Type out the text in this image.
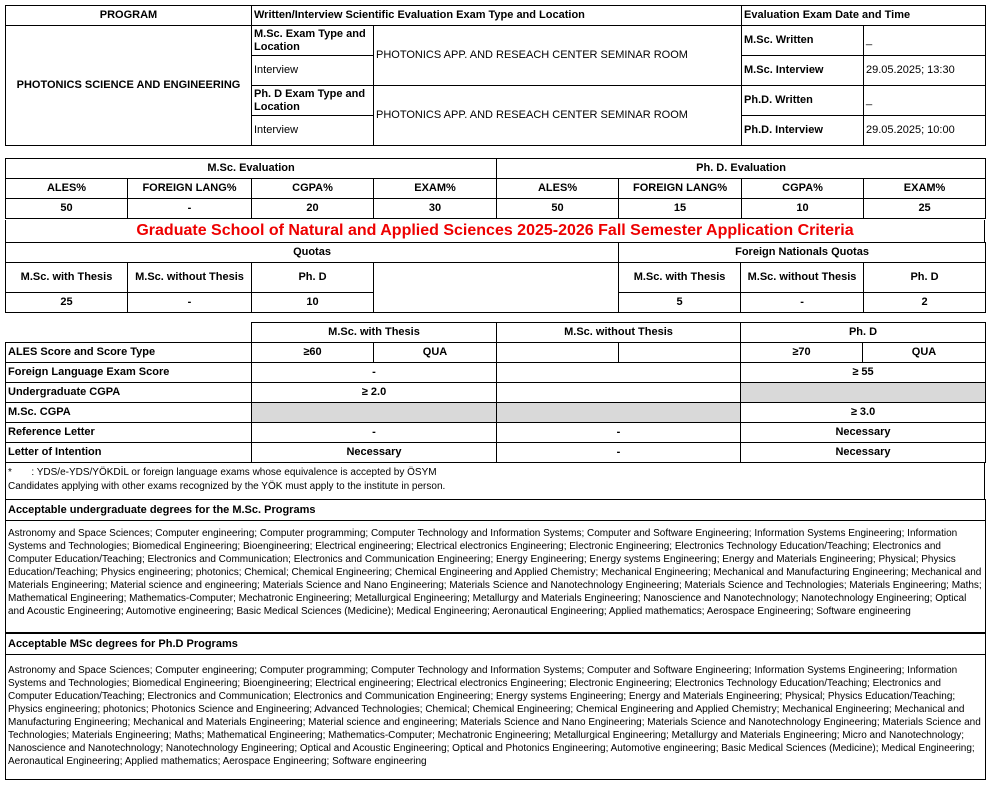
PROGRAM	Written/Interview Scientific Evaluation Exam Type and Location		Evaluation Exam Date and Time	
PHOTONICS SCIENCE AND ENGINEERING	M.Sc. Exam Type and Location	PHOTONICS APP. AND RESEACH CENTER SEMINAR ROOM	M.Sc. Written	_
	Interview		M.Sc. Interview	29.05.2025; 13:30
	Ph. D Exam Type and Location	PHOTONICS APP. AND RESEACH CENTER SEMINAR ROOM	Ph.D. Written	_
	Interview		Ph.D. Interview	29.05.2025; 10:00
M.Sc. Evaluation				Ph. D. Evaluation			
ALES%	FOREIGN LANG%	CGPA%	EXAM%	ALES%	FOREIGN LANG%	CGPA%	EXAM%
50	-	20	30	50	15	10	25
Graduate School of Natural and Applied Sciences 2025-2026 Fall Semester Application Criteria
Quotas				Foreign Nationals Quotas		
M.Sc. with Thesis	M.Sc. without Thesis	Ph. D		M.Sc. with Thesis	M.Sc. without Thesis	Ph. D
25	-	10		5	-	2
	M.Sc. with Thesis		M.Sc. without Thesis		Ph. D	
ALES Score and Score Type	≥60	QUA			≥70	QUA
Foreign Language Exam Score	-				≥ 55	
Undergraduate CGPA	≥ 2.0					
M.Sc. CGPA					≥ 3.0	
Reference Letter	-		-		Necessary	
Letter of Intention	Necessary		-		Necessary	
* : YDS/e-YDS/YÖKDİL or foreign language exams whose equivalence is accepted by ÖSYM
Candidates applying with other exams recognized by the YÖK must apply to the institute in person.
Acceptable undergraduate degrees for the M.Sc. Programs
Astronomy and Space Sciences; Computer engineering; Computer programming; Computer Technology and Information Systems; Computer and Software Engineering; Information Systems Engineering; Information Systems and Technologies; Biomedical Engineering; Bioengineering; Electrical engineering; Electrical electronics Engineering; Electronic Engineering; Electronics Technology Education/Teaching; Electronics and Computer Education/Teaching; Electronics and Communication; Electronics and Communication Engineering; Energy Engineering; Energy systems Engineering; Energy and Materials Engineering; Physical; Physics Education/Teaching; Physics engineering; photonics; Chemical; Chemical Engineering; Chemical Engineering and Applied Chemistry; Mechanical Engineering; Mechanical and Manufacturing Engineering; Mechanical and Materials Engineering; Material science and engineering; Materials Science and Nano Engineering; Materials Science and Nanotechnology Engineering; Materials Science and Technologies; Materials Engineering; Maths; Mathematical Engineering; Mathematics-Computer; Mechatronic Engineering; Metallurgical Engineering; Metallurgy and Materials Engineering; Nanoscience and Nanotechnology; Nanotechnology Engineering; Optical and Acoustic Engineering; Automotive engineering; Basic Medical Sciences (Medicine); Medical Engineering; Aeronautical Engineering; Applied mathematics; Aerospace Engineering; Software engineering
Acceptable MSc degrees for Ph.D Programs
Astronomy and Space Sciences; Computer engineering; Computer programming; Computer Technology and Information Systems; Computer and Software Engineering; Information Systems Engineering; Information Systems and Technologies; Biomedical Engineering; Bioengineering; Electrical engineering; Electrical electronics Engineering; Electronic Engineering; Electronics Technology Education/Teaching; Electronics and Computer Education/Teaching; Electronics and Communication; Electronics and Communication Engineering; Energy systems Engineering; Energy and Materials Engineering; Physical; Physics Education/Teaching; Physics engineering; photonics; Photonics Science and Engineering; Advanced Technologies; Chemical; Chemical Engineering; Chemical Engineering and Applied Chemistry; Mechanical Engineering; Mechanical and Manufacturing Engineering; Mechanical and Materials Engineering; Material science and engineering; Materials Science and Nano Engineering; Materials Science and Nanotechnology Engineering; Materials Science and Technologies; Materials Engineering; Maths; Mathematical Engineering; Mathematics-Computer; Mechatronic Engineering; Metallurgical Engineering; Metallurgy and Materials Engineering; Micro and Nanotechnology; Nanoscience and Nanotechnology; Nanotechnology Engineering; Optical and Acoustic Engineering; Optical and Photonics Engineering; Automotive engineering; Basic Medical Sciences (Medicine); Medical Engineering; Aeronautical Engineering; Applied mathematics; Aerospace Engineering; Software engineering
